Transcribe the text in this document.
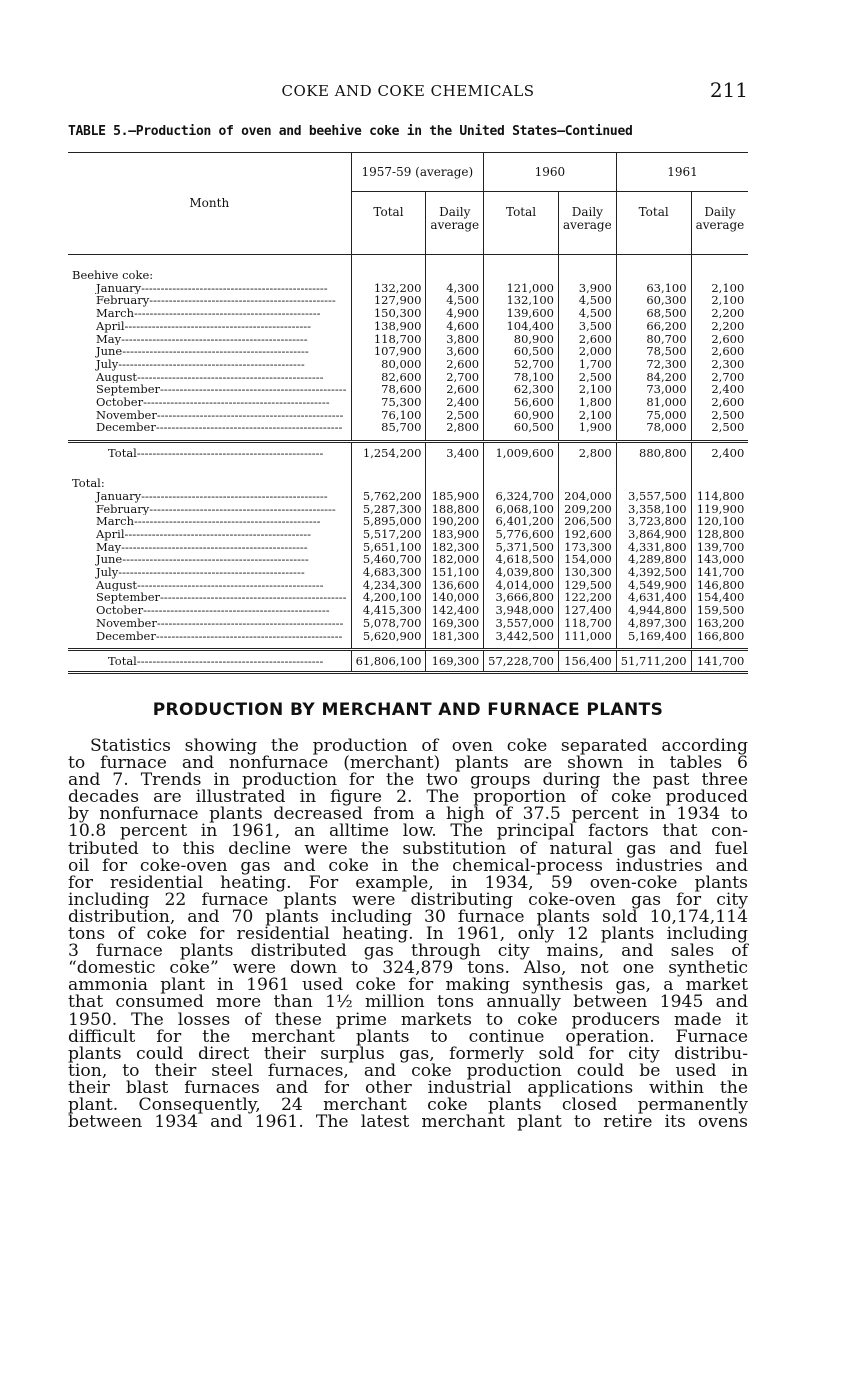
COKE AND COKE CHEMICALS	211
TABLE 5.—Production of oven and beehive coke in the United States—Continued
Month	1957-59 (average)		1960		1961	
	Total	Daily average	Total	Daily average	Total	Daily average
Beehive coke:						
January------------------------------------------------	132,200	4,300	121,000	3,900	63,100	2,100
February------------------------------------------------	127,900	4,500	132,100	4,500	60,300	2,100
March------------------------------------------------	150,300	4,900	139,600	4,500	68,500	2,200
April------------------------------------------------	138,900	4,600	104,400	3,500	66,200	2,200
May------------------------------------------------	118,700	3,800	80,900	2,600	80,700	2,600
June------------------------------------------------	107,900	3,600	60,500	2,000	78,500	2,600
July------------------------------------------------	80,000	2,600	52,700	1,700	72,300	2,300
August------------------------------------------------	82,600	2,700	78,100	2,500	84,200	2,700
September------------------------------------------------	78,600	2,600	62,300	2,100	73,000	2,400
October------------------------------------------------	75,300	2,400	56,600	1,800	81,000	2,600
November------------------------------------------------	76,100	2,500	60,900	2,100	75,000	2,500
December------------------------------------------------	85,700	2,800	60,500	1,900	78,000	2,500

Total------------------------------------------------	1,254,200	3,400	1,009,600	2,800	880,800	2,400
Total:						
January------------------------------------------------	5,762,200	185,900	6,324,700	204,000	3,557,500	114,800
February------------------------------------------------	5,287,300	188,800	6,068,100	209,200	3,358,100	119,900
March------------------------------------------------	5,895,000	190,200	6,401,200	206,500	3,723,800	120,100
April------------------------------------------------	5,517,200	183,900	5,776,600	192,600	3,864,900	128,800
May------------------------------------------------	5,651,100	182,300	5,371,500	173,300	4,331,800	139,700
June------------------------------------------------	5,460,700	182,000	4,618,500	154,000	4,289,800	143,000
July------------------------------------------------	4,683,300	151,100	4,039,800	130,300	4,392,500	141,700
August------------------------------------------------	4,234,300	136,600	4,014,000	129,500	4,549,900	146,800
September------------------------------------------------	4,200,100	140,000	3,666,800	122,200	4,631,400	154,400
October------------------------------------------------	4,415,300	142,400	3,948,000	127,400	4,944,800	159,500
November------------------------------------------------	5,078,700	169,300	3,557,000	118,700	4,897,300	163,200
December------------------------------------------------	5,620,900	181,300	3,442,500	111,000	5,169,400	166,800

Total------------------------------------------------	61,806,100	169,300	57,228,700	156,400	51,711,200	141,700
PRODUCTION BY MERCHANT AND FURNACE PLANTS
Statistics showing the production of oven coke separated according
to furnace and nonfurnace (merchant) plants are shown in tables 6
and 7. Trends in production for the two groups during the past three
decades are illustrated in figure 2. The proportion of coke produced
by nonfurnace plants decreased from a high of 37.5 percent in 1934 to
10.8 percent in 1961, an alltime low. The principal factors that con-
tributed to this decline were the substitution of natural gas and fuel
oil for coke-oven gas and coke in the chemical-process industries and
for residential heating. For example, in 1934, 59 oven-coke plants
including 22 furnace plants were distributing coke-oven gas for city
distribution, and 70 plants including 30 furnace plants sold 10,174,114
tons of coke for residential heating. In 1961, only 12 plants including
3 furnace plants distributed gas through city mains, and sales of
“domestic coke” were down to 324,879 tons. Also, not one synthetic
ammonia plant in 1961 used coke for making synthesis gas, a market
that consumed more than 1½ million tons annually between 1945 and
1950. The losses of these prime markets to coke producers made it
difficult for the merchant plants to continue operation. Furnace
plants could direct their surplus gas, formerly sold for city distribu-
tion, to their steel furnaces, and coke production could be used in
their blast furnaces and for other industrial applications within the
plant. Consequently, 24 merchant coke plants closed permanently
between 1934 and 1961. The latest merchant plant to retire its ovens
